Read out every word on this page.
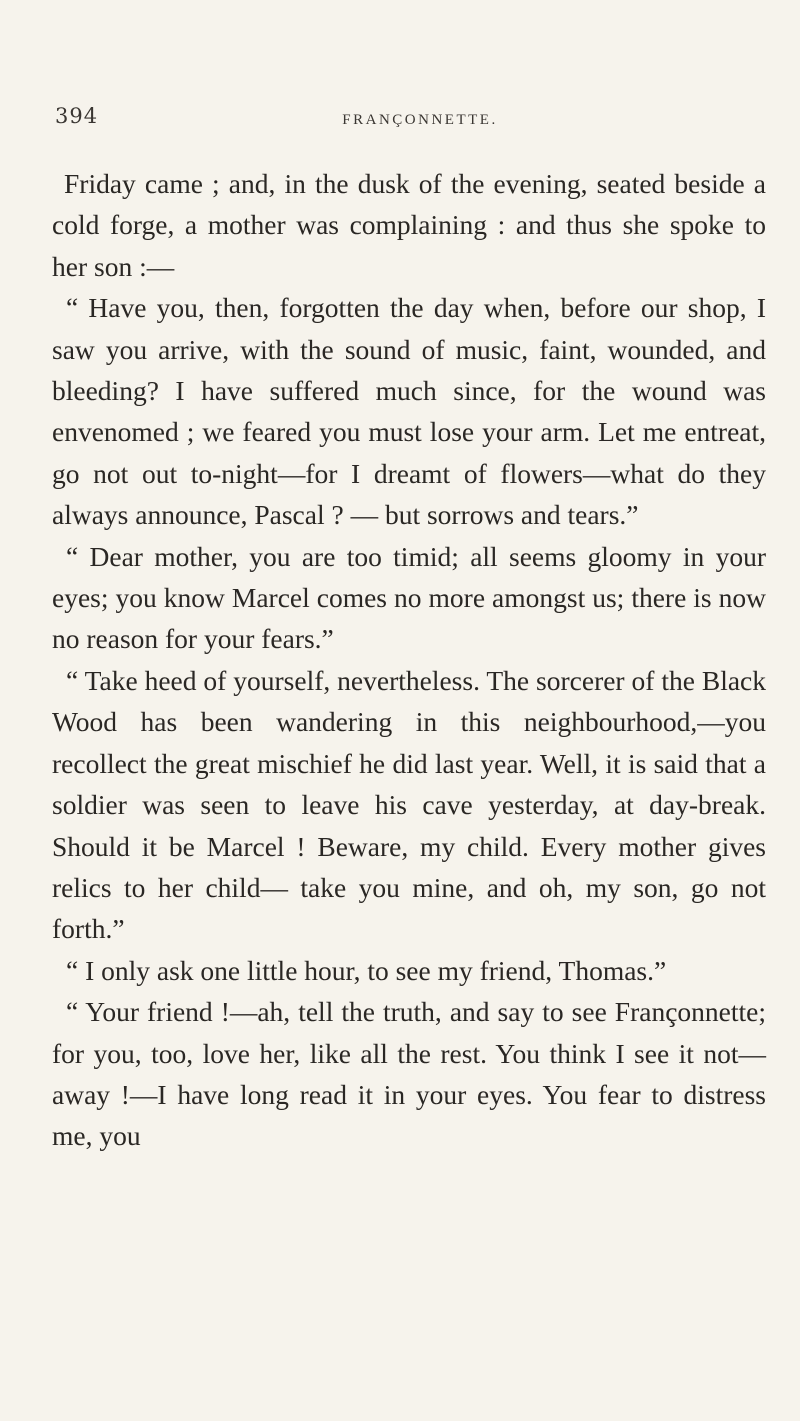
394	FRANÇONNETTE.

Friday came ; and, in the dusk of the evening, seated beside a cold forge, a mother was complaining : and thus she spoke to her son :—

“ Have you, then, forgotten the day when, before our shop, I saw you arrive, with the sound of music, faint, wounded, and bleeding? I have suffered much since, for the wound was envenomed ; we feared you must lose your arm. Let me entreat, go not out to-night—for I dreamt of flowers—what do they always announce, Pascal ? — but sorrows and tears.”

“ Dear mother, you are too timid; all seems gloomy in your eyes; you know Marcel comes no more amongst us; there is now no reason for your fears.”

“ Take heed of yourself, nevertheless. The sorcerer of the Black Wood has been wandering in this neighbourhood,—you recollect the great mischief he did last year. Well, it is said that a soldier was seen to leave his cave yesterday, at day-break. Should it be Marcel ! Beware, my child. Every mother gives relics to her child— take you mine, and oh, my son, go not forth.”

“ I only ask one little hour, to see my friend, Thomas.”

“ Your friend !—ah, tell the truth, and say to see Françonnette; for you, too, love her, like all the rest. You think I see it not—away !—I have long read it in your eyes. You fear to distress me, you
